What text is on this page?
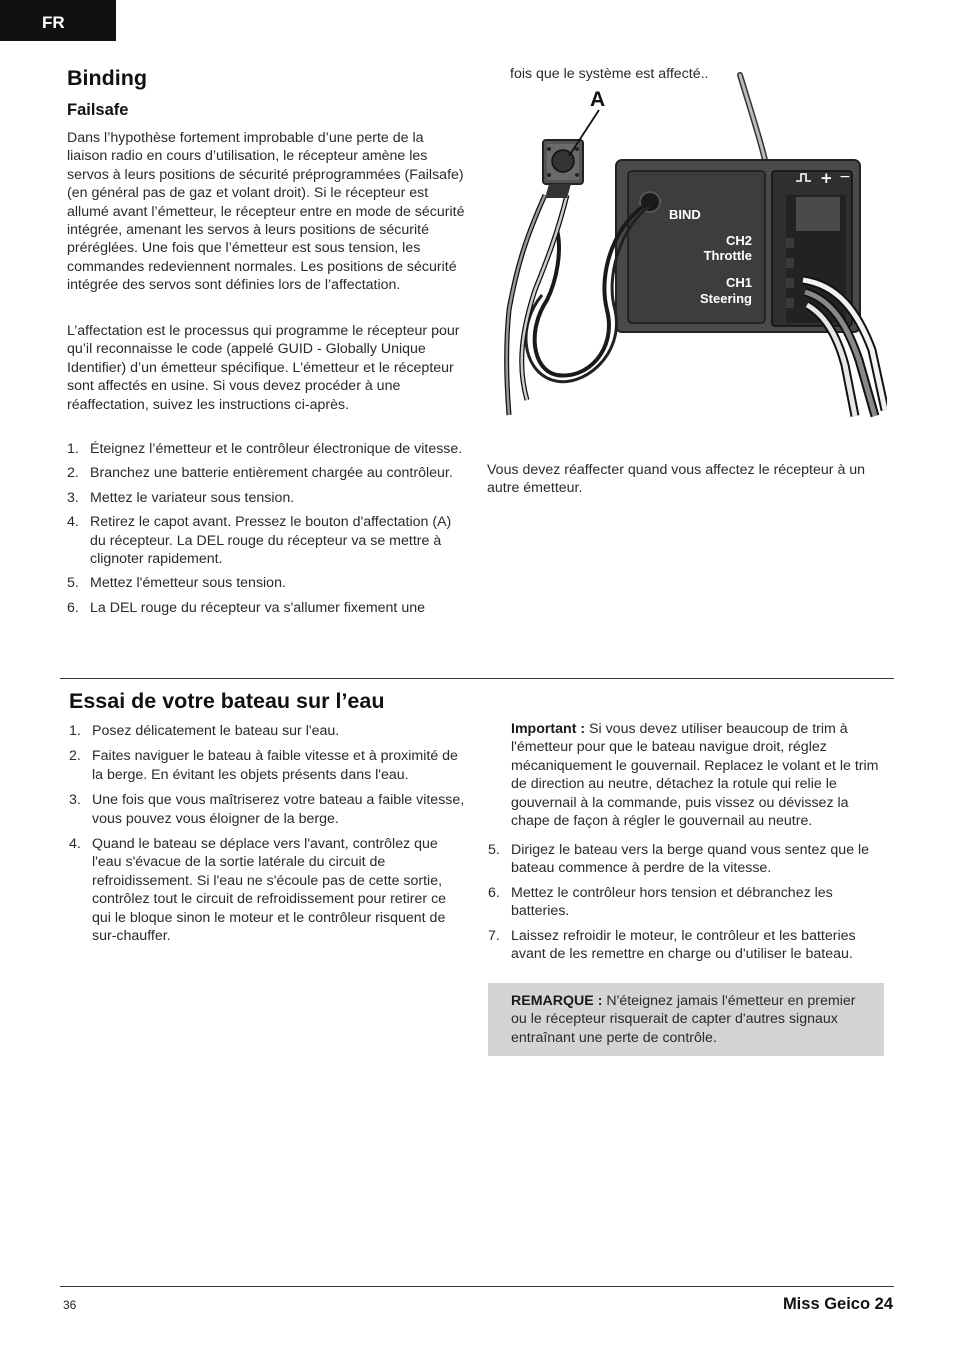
FR
Binding
Failsafe

Dans l’hypothèse fortement improbable d’une perte de la liaison radio en cours d’utilisation, le récepteur amène les servos à leurs positions de sécurité préprogrammées (Failsafe) (en général pas de gaz et volant droit). Si le récepteur est allumé avant l’émetteur, le récepteur entre en mode de sécurité intégrée, amenant les servos à leurs positions de sécurité préréglées. Une fois que l’émetteur est sous tension, les commandes redeviennent normales. Les positions de sécurité intégrée des servos sont définies lors de l’affectation.

L’affectation est le processus qui programme le récepteur pour qu’il reconnaisse le code (appelé GUID - Globally Unique Identifier) d’un émetteur spécifique. L'émetteur et le récepteur sont affectés en usine. Si vous devez procéder à une réaffectation, suivez les instructions ci-après.

1. Éteignez l’émetteur et le contrôleur électronique de vitesse.
2. Branchez une batterie entièrement chargée au contrôleur.
3. Mettez le variateur sous tension.
4. Retirez le capot avant. Pressez le bouton d'affectation (A) du récepteur. La DEL rouge du récepteur va se mettre à clignoter rapidement.
5. Mettez l'émetteur sous tension.
6. La DEL rouge du récepteur va s'allumer fixement une

fois que le système est affecté..

+ −
BIND
CH2
Throttle
CH1
Steering
A

Vous devez réaffecter quand vous affectez le récepteur à un autre émetteur.

Essai de votre bateau sur l’eau
1. Posez délicatement le bateau sur l'eau.
2. Faites naviguer le bateau à faible vitesse et à proximité de la berge. En évitant les objets présents dans l'eau.
3. Une fois que vous maîtriserez votre bateau a faible vitesse, vous pouvez vous éloigner de la berge.
4. Quand le bateau se déplace vers l'avant, contrôlez que l'eau s'évacue de la sortie latérale du circuit de refroidissement. Si l'eau ne s'écoule pas de cette sortie, contrôlez tout le circuit de refroidissement pour retirer ce qui le bloque sinon le moteur et le contrôleur risquent de sur-chauffer.

Important : Si vous devez utiliser beaucoup de trim à l'émetteur pour que le bateau navigue droit, réglez mécaniquement le gouvernail. Replacez le volant et le trim de direction au neutre, détachez la rotule qui relie le gouvernail à la commande, puis vissez ou dévissez la chape de façon à régler le gouvernail au neutre.

5. Dirigez le bateau vers la berge quand vous sentez que le bateau commence à perdre de la vitesse.
6. Mettez le contrôleur hors tension et débranchez les batteries.
7. Laissez refroidir le moteur, le contrôleur et les batteries avant de les remettre en charge ou d'utiliser le bateau.
REMARQUE : N'éteignez jamais l'émetteur en premier ou le récepteur risquerait de capter d'autres signaux entraînant une perte de contrôle.
36	Miss Geico 24
